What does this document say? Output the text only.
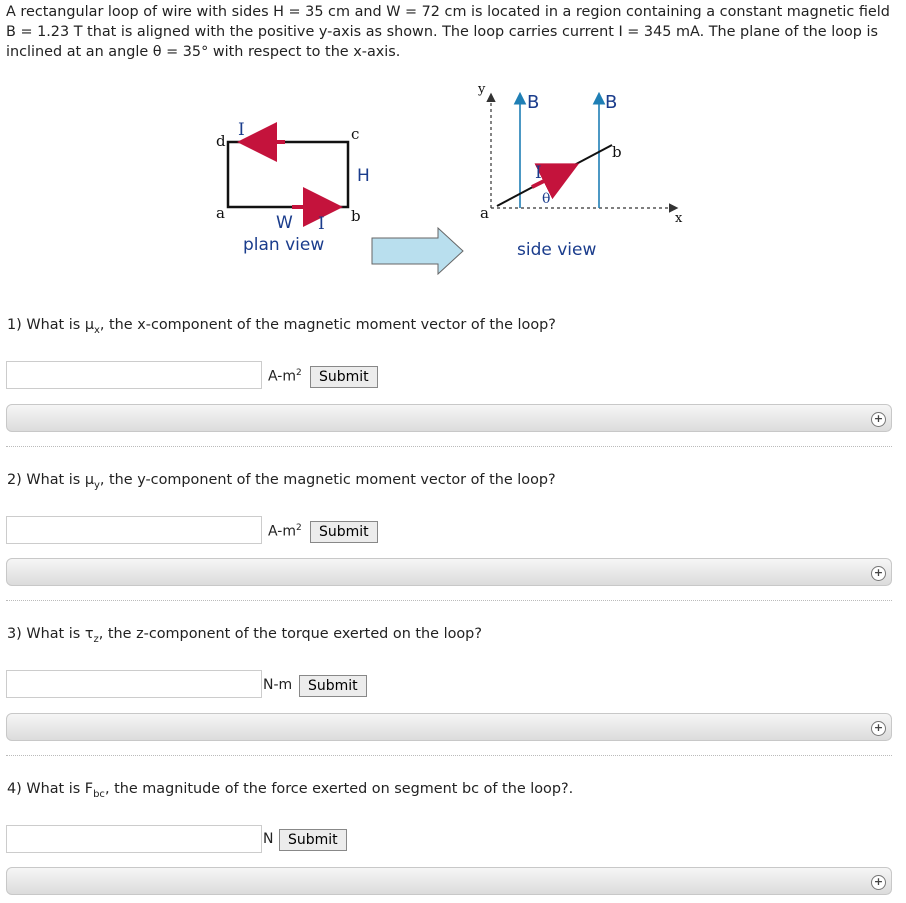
A rectangular loop of wire with sides H = 35 cm and W = 72 cm is located in a region containing a constant magnetic field
B = 1.23 T that is aligned with the positive y-axis as shown. The loop carries current I = 345 mA. The plane of the loop is
inclined at an angle θ = 35° with respect to the x-axis.
d	c
a	b
I
H
W I
plan view
y
x
B	B
I
θ
a
b
side view
1) What is $\mu_x$, the x-component of the magnetic moment vector of the loop?
$A-m^2$	Submit
+
2) What is $\mu_y$, the y-component of the magnetic moment vector of the loop?
$A-m^2$	Submit
+
3) What is $\tau_z$, the z-component of the torque exerted on the loop?
N-m	Submit
+
4) What is $F_{bc}$, the magnitude of the force exerted on segment bc of the loop?.
N	Submit
+
